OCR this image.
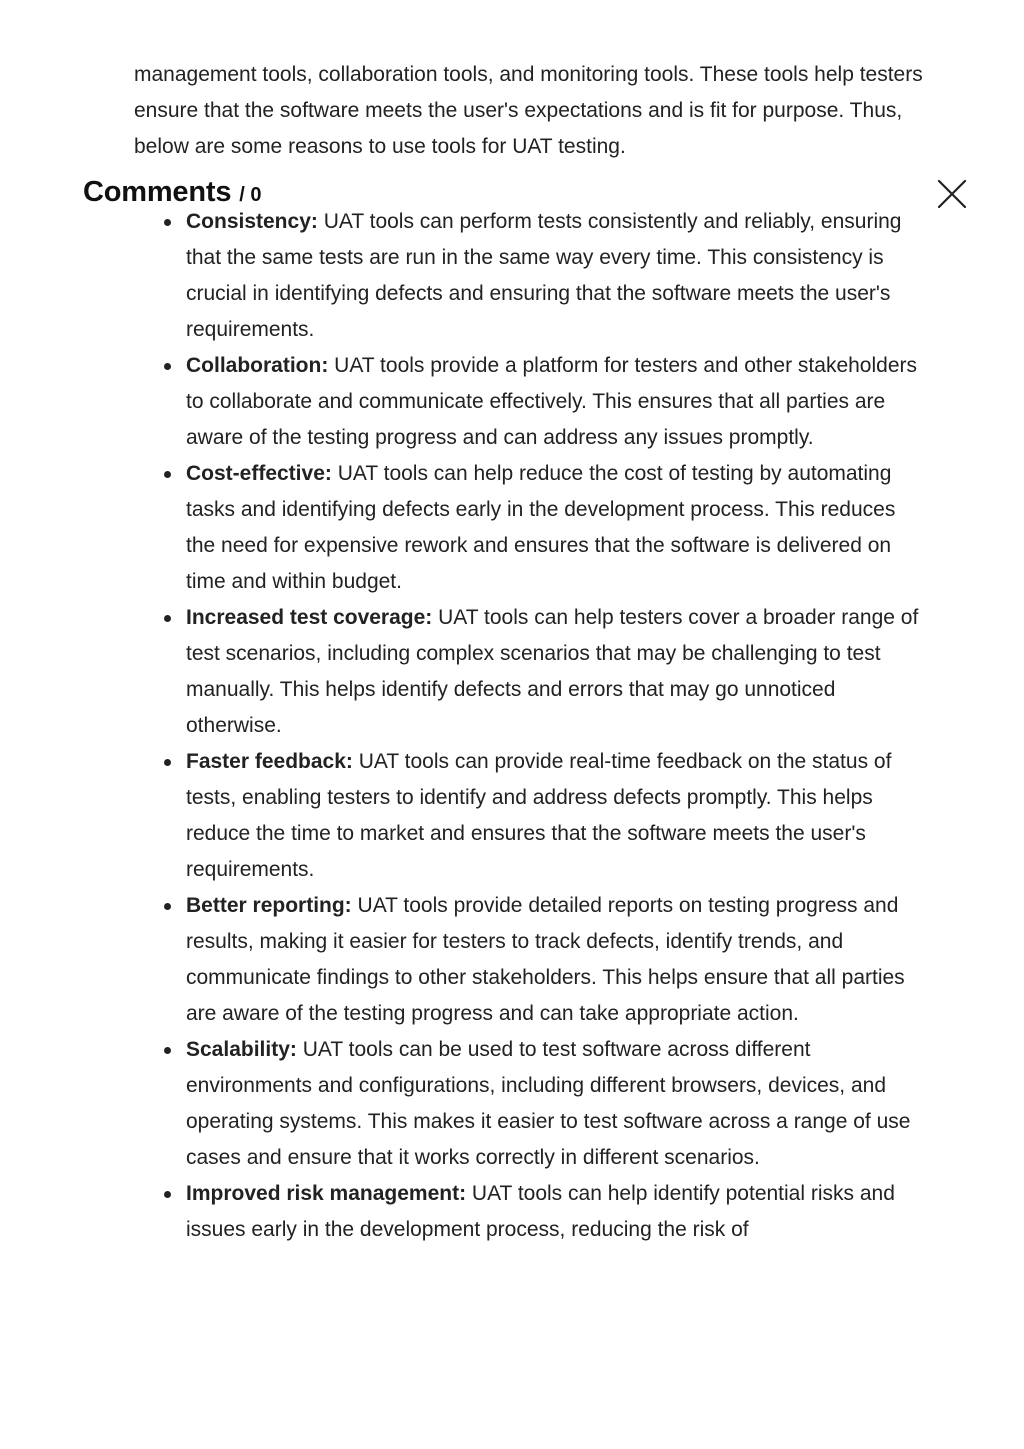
management tools, collaboration tools, and monitoring tools. These tools help testers ensure that the software meets the user's expectations and is fit for purpose. Thus, below are some reasons to use tools for UAT testing.

Consistency: UAT tools can perform tests consistently and reliably, ensuring that the same tests are run in the same way every time. This consistency is crucial in identifying defects and ensuring that the software meets the user's requirements.
Collaboration: UAT tools provide a platform for testers and other stakeholders to collaborate and communicate effectively. This ensures that all parties are aware of the testing progress and can address any issues promptly.
Cost-effective: UAT tools can help reduce the cost of testing by automating tasks and identifying defects early in the development process. This reduces the need for expensive rework and ensures that the software is delivered on time and within budget.
Increased test coverage: UAT tools can help testers cover a broader range of test scenarios, including complex scenarios that may be challenging to test manually. This helps identify defects and errors that may go unnoticed otherwise.
Faster feedback: UAT tools can provide real-time feedback on the status of tests, enabling testers to identify and address defects promptly. This helps reduce the time to market and ensures that the software meets the user's requirements.
Better reporting: UAT tools provide detailed reports on testing progress and results, making it easier for testers to track defects, identify trends, and communicate findings to other stakeholders. This helps ensure that all parties are aware of the testing progress and can take appropriate action.
Scalability: UAT tools can be used to test software across different environments and configurations, including different browsers, devices, and operating systems. This makes it easier to test software across a range of use cases and ensure that it works correctly in different scenarios.
Improved risk management: UAT tools can help identify potential risks and issues early in the development process, reducing the risk of
Comments / 0
